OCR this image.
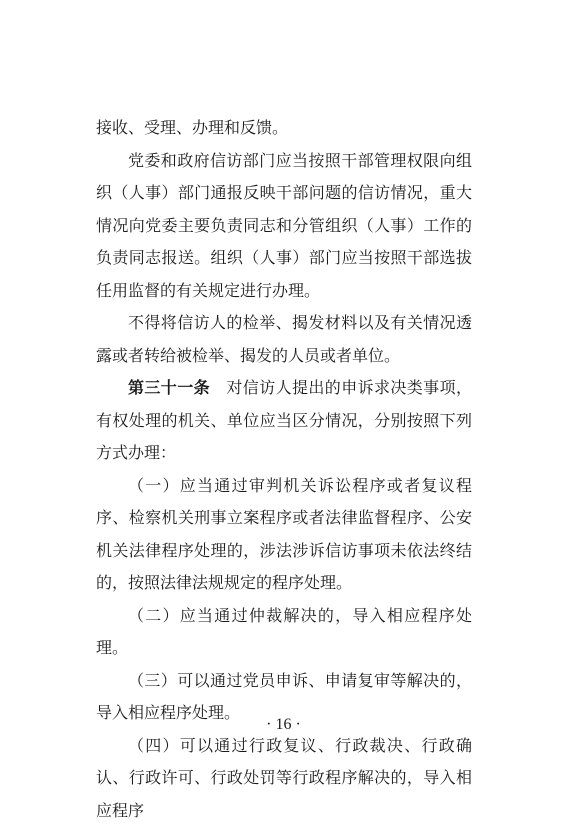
接收、受理、办理和反馈。

党委和政府信访部门应当按照干部管理权限向组织（人事）部门通报反映干部问题的信访情况，重大情况向党委主要负责同志和分管组织（人事）工作的负责同志报送。组织（人事）部门应当按照干部选拔任用监督的有关规定进行办理。

不得将信访人的检举、揭发材料以及有关情况透露或者转给被检举、揭发的人员或者单位。

第三十一条　 对信访人提出的申诉求决类事项，有权处理的机关、单位应当区分情况，分别按照下列方式办理：

（一）应当通过审判机关诉讼程序或者复议程序、检察机关刑事立案程序或者法律监督程序、公安机关法律程序处理的，涉法涉诉信访事项未依法终结的，按照法律法规规定的程序处理。

（二）应当通过仲裁解决的，导入相应程序处理。

（三）可以通过党员申诉、申请复审等解决的，导入相应程序处理。

（四）可以通过行政复议、行政裁决、行政确认、行政许可、行政处罚等行政程序解决的，导入相应程序

· 16 ·
